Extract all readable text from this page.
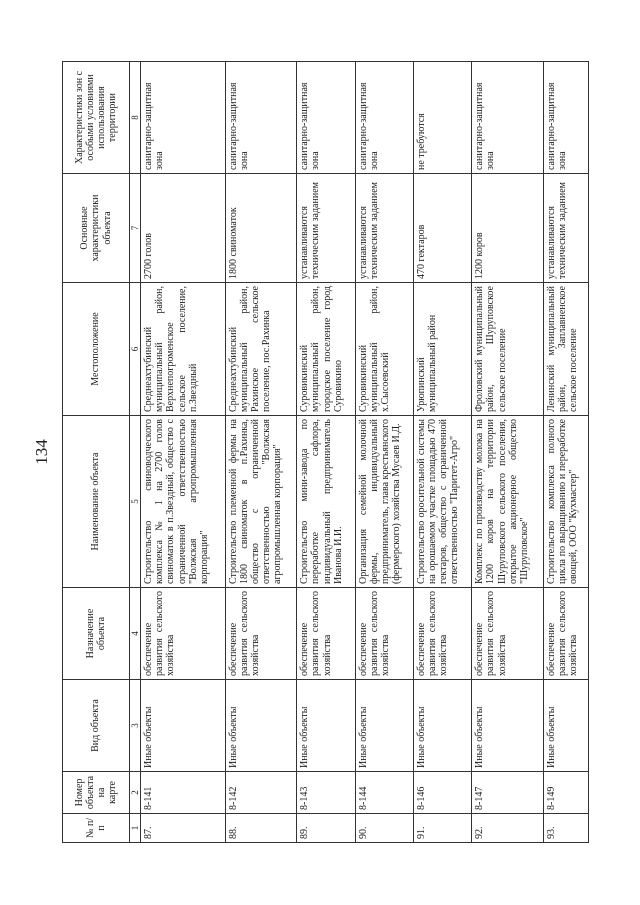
134
№ п/п	Номер объекта на карте	Вид объекта	Назначение объекта	Наименование объекта	Местоположение	Основные характеристики объекта	Характеристики зон с особыми условиями использования территории
1	2	3	4	5	6	7	8
87.	8-141	Иные объекты	обеспечение развития сельского хозяйства	Строительство свиноводческого комплекса № 1 на 2700 голов свиноматок в п.Звездный, общество с ограниченной ответственностью "Волжская агропромышленная корпорация"	Среднеахтубинский муниципальный район, Верхнепогроменское сельское поселение, п.Звездный	2700 голов	санитарно-защитная зона
88.	8-142	Иные объекты	обеспечение развития сельского хозяйства	Строительство племенной фермы на 1800 свиноматок в п.Рахинка, общество с ограниченной ответственностью "Волжская агропромышленная корпорация"	Среднеахтубинский муниципальный район, Рахинское сельское поселение, пос.Рахинка	1800 свиноматок	санитарно-защитная зона
89.	8-143	Иные объекты	обеспечение развития сельского хозяйства	Строительство мини-завода по переработке сафлора, индивидуальный предприниматель Иванова И.И.	Суровикинский муниципальный район, городское поселение город Суровикино	устанавливаются техническим заданием	санитарно-защитная зона
90.	8-144	Иные объекты	обеспечение развития сельского хозяйства	Организация семейной молочной фермы, индивидуальный предприниматель, глава крестьянского (фермерского) хозяйства Мусаев И.Д.	Суровикинский муниципальный район, х.Сысоевский	устанавливаются техническим заданием	санитарно-защитная зона
91.	8-146	Иные объекты	обеспечение развития сельского хозяйства	Строительство оросительной системы на орошаемом участке площадью 470 гектаров, общество с ограниченной ответственностью "Паритет-Агро"	Урюпинский муниципальный район	470 гектаров	не требуются
92.	8-147	Иные объекты	обеспечение развития сельского хозяйства	Комплекс по производству молока на 1200 коров на территории Шуруповского сельского поселения, открытое акционерное общество "Шуруповское"	Фроловский муниципальный район, Шуруповское сельское поселение	1200 коров	санитарно-защитная зона
93.	8-149	Иные объекты	обеспечение развития сельского хозяйства	Строительство комплекса полного цикла по выращиванию и переработке овощей, ООО "Кухмастер"	Ленинский муниципальный район, Заплавненское сельское поселение	устанавливаются техническим заданием	санитарно-защитная зона
